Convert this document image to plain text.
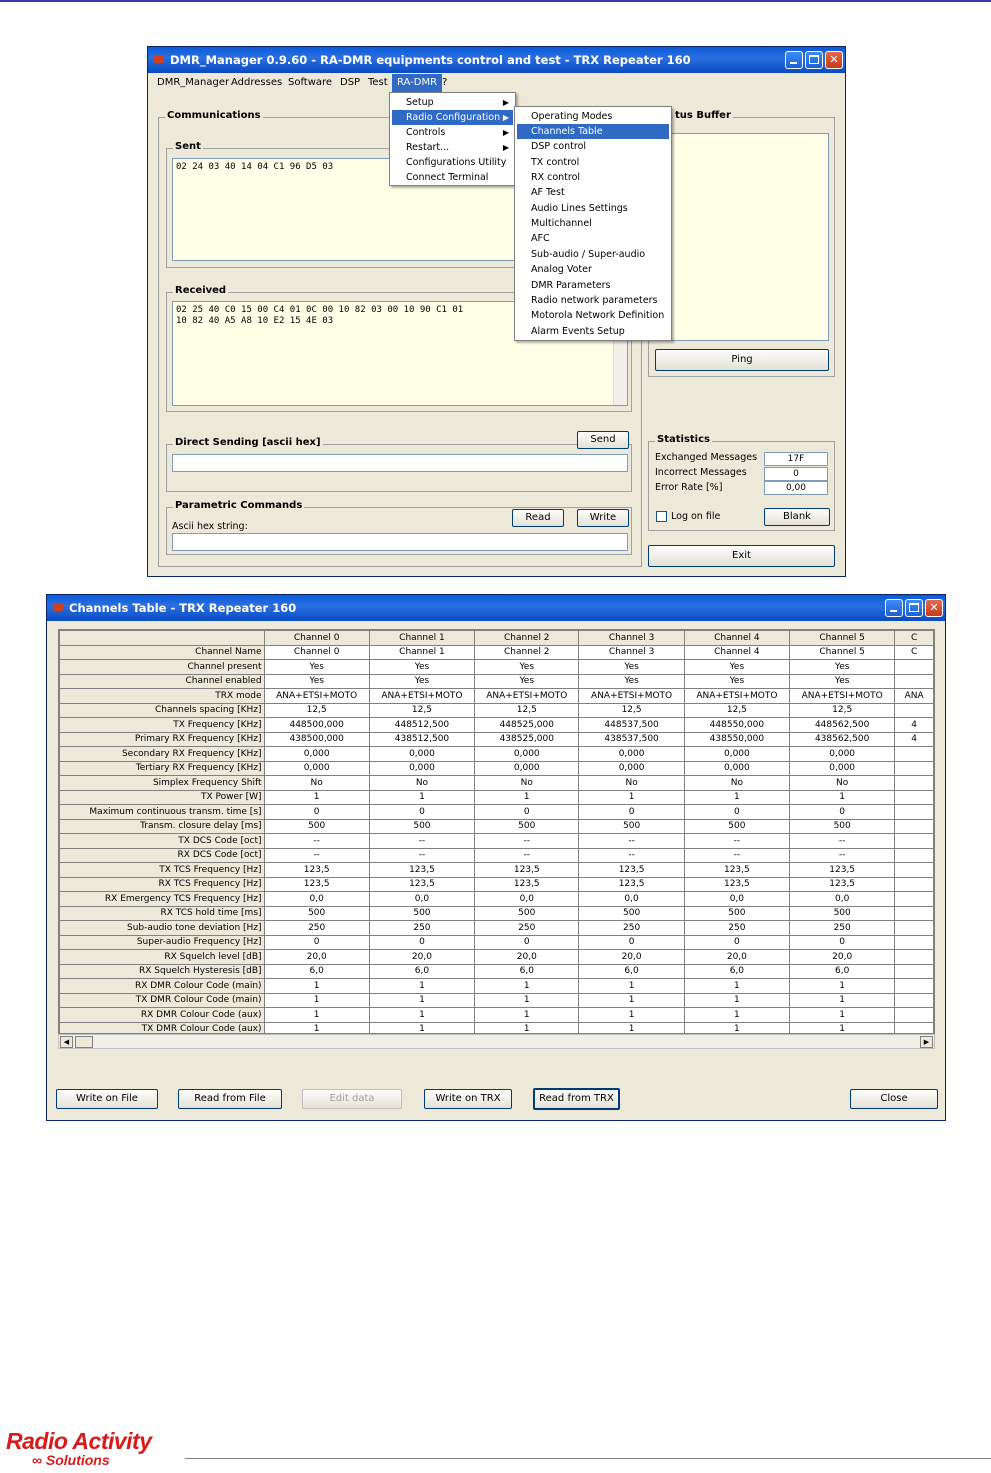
DMR_Manager 0.9.60 - RA-DMR equipments control and test - TRX Repeater 160	✕
DMR_Manager Addresses Software DSP Test RA-DMR ?
Communications
Sent
02 24 03 40 14 04 C1 96 D5 03
Received
02 25 40 C0 15 00 C4 01 0C 00 10 82 03 00 10 90 C1 01
10 82 40 A5 A8 10 E2 15 4E 03
Direct Sending [ascii hex]	Send
Parametric Commands
Ascii hex string:
Read	Write
tus Buffer
Ping
Statistics
Exchanged Messages	17F
Incorrect Messages	0
Error Rate [%]	0,00
Log on file	Blank
Exit
Setup	▶
Radio Configuration ▶
Controls	▶
Restart...	▶
Configurations Utility
Connect Terminal
Operating Modes
Channels Table
DSP control
TX control
RX control
AF Test
Audio Lines Settings
Multichannel
AFC
Sub-audio / Super-audio
Analog Voter
DMR Parameters
Radio network parameters
Motorola Network Definition
Alarm Events Setup
Channels Table - TRX Repeater 160	✕
	Channel 0	Channel 1	Channel 2	Channel 3	Channel 4	Channel 5	C
Channel Name	Channel 0	Channel 1	Channel 2	Channel 3	Channel 4	Channel 5	C
Channel present	Yes	Yes	Yes	Yes	Yes	Yes	
Channel enabled	Yes	Yes	Yes	Yes	Yes	Yes	
TRX mode	ANA+ETSI+MOTO	ANA+ETSI+MOTO	ANA+ETSI+MOTO	ANA+ETSI+MOTO	ANA+ETSI+MOTO	ANA+ETSI+MOTO	ANA
Channels spacing [KHz]	12,5	12,5	12,5	12,5	12,5	12,5	
TX Frequency [KHz]	448500,000	448512,500	448525,000	448537,500	448550,000	448562,500	4
Primary RX Frequency [KHz]	438500,000	438512,500	438525,000	438537,500	438550,000	438562,500	4
Secondary RX Frequency [KHz]	0,000	0,000	0,000	0,000	0,000	0,000	
Tertiary RX Frequency [KHz]	0,000	0,000	0,000	0,000	0,000	0,000	
Simplex Frequency Shift	No	No	No	No	No	No	
TX Power [W]	1	1	1	1	1	1	
Maximum continuous transm. time [s]	0	0	0	0	0	0	
Transm. closure delay [ms]	500	500	500	500	500	500	
TX DCS Code [oct]	--	--	--	--	--	--	
RX DCS Code [oct]	--	--	--	--	--	--	
TX TCS Frequency [Hz]	123,5	123,5	123,5	123,5	123,5	123,5	
RX TCS Frequency [Hz]	123,5	123,5	123,5	123,5	123,5	123,5	
RX Emergency TCS Frequency [Hz]	0,0	0,0	0,0	0,0	0,0	0,0	
RX TCS hold time [ms]	500	500	500	500	500	500	
Sub-audio tone deviation [Hz]	250	250	250	250	250	250	
Super-audio Frequency [Hz]	0	0	0	0	0	0	
RX Squelch level [dB]	20,0	20,0	20,0	20,0	20,0	20,0	
RX Squelch Hysteresis [dB]	6,0	6,0	6,0	6,0	6,0	6,0	
RX DMR Colour Code (main)	1	1	1	1	1	1	
TX DMR Colour Code (main)	1	1	1	1	1	1	
RX DMR Colour Code (aux)	1	1	1	1	1	1	
TX DMR Colour Code (aux)	1	1	1	1	1	1	
◀	▶
Write on File	Read from File	Edit data	Write on TRX	Read from TRX	Close
Radio Activity
∞ Solutions
